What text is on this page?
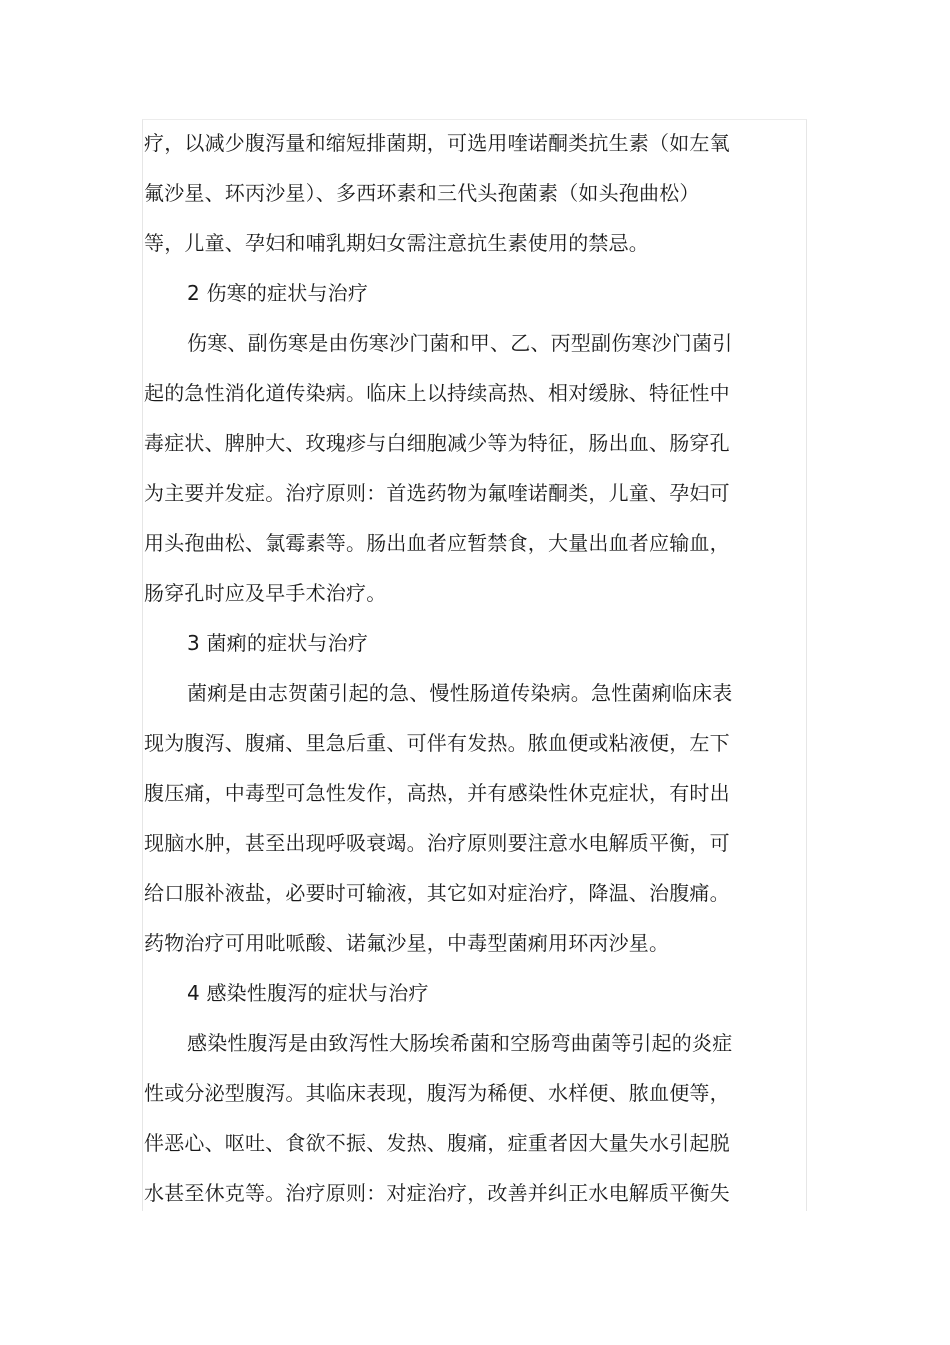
疗，以减少腹泻量和缩短排菌期，可选用喹诺酮类抗生素（如左氧
氟沙星、环丙沙星）、多西环素和三代头孢菌素（如头孢曲松）
等，儿童、孕妇和哺乳期妇女需注意抗生素使用的禁忌。
2 伤寒的症状与治疗
伤寒、副伤寒是由伤寒沙门菌和甲、乙、丙型副伤寒沙门菌引
起的急性消化道传染病。临床上以持续高热、相对缓脉、特征性中
毒症状、脾肿大、玫瑰疹与白细胞减少等为特征，肠出血、肠穿孔
为主要并发症。治疗原则：首选药物为氟喹诺酮类，儿童、孕妇可
用头孢曲松、氯霉素等。肠出血者应暂禁食，大量出血者应输血，
肠穿孔时应及早手术治疗。
3 菌痢的症状与治疗
菌痢是由志贺菌引起的急、慢性肠道传染病。急性菌痢临床表
现为腹泻、腹痛、里急后重、可伴有发热。脓血便或粘液便，左下
腹压痛，中毒型可急性发作，高热，并有感染性休克症状，有时出
现脑水肿，甚至出现呼吸衰竭。治疗原则要注意水电解质平衡，可
给口服补液盐，必要时可输液，其它如对症治疗，降温、治腹痛。
药物治疗可用吡哌酸、诺氟沙星，中毒型菌痢用环丙沙星。
4 感染性腹泻的症状与治疗
感染性腹泻是由致泻性大肠埃希菌和空肠弯曲菌等引起的炎症
性或分泌型腹泻。其临床表现，腹泻为稀便、水样便、脓血便等，
伴恶心、呕吐、食欲不振、发热、腹痛，症重者因大量失水引起脱
水甚至休克等。治疗原则：对症治疗，改善并纠正水电解质平衡失
